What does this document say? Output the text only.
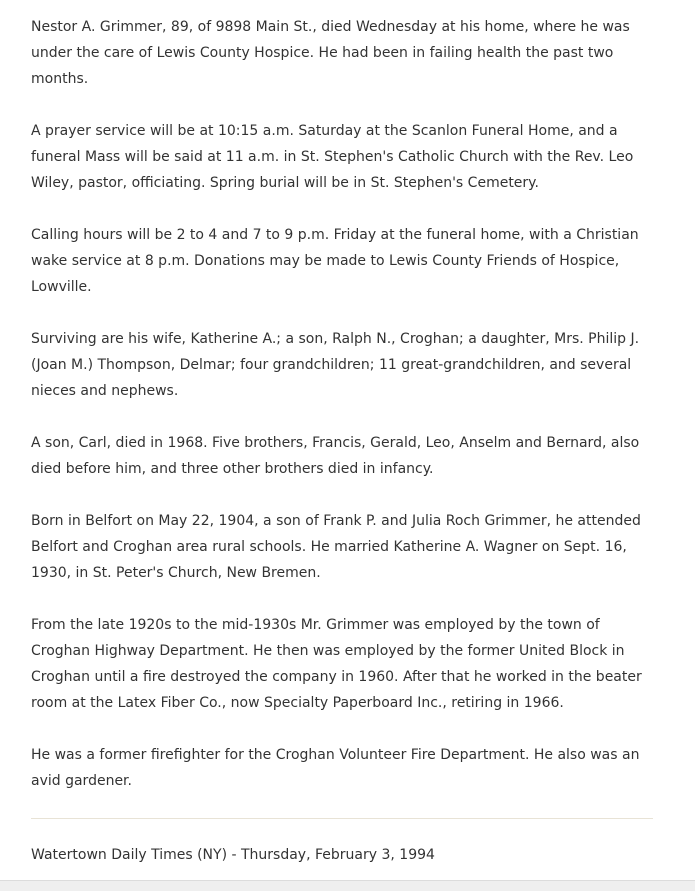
Nestor A. Grimmer, 89, of 9898 Main St., died Wednesday at his home, where he was under the care of Lewis County Hospice. He had been in failing health the past two months.

A prayer service will be at 10:15 a.m. Saturday at the Scanlon Funeral Home, and a funeral Mass will be said at 11 a.m. in St. Stephen's Catholic Church with the Rev. Leo Wiley, pastor, officiating. Spring burial will be in St. Stephen's Cemetery.

Calling hours will be 2 to 4 and 7 to 9 p.m. Friday at the funeral home, with a Christian wake service at 8 p.m. Donations may be made to Lewis County Friends of Hospice, Lowville.

Surviving are his wife, Katherine A.; a son, Ralph N., Croghan; a daughter, Mrs. Philip J. (Joan M.) Thompson, Delmar; four grandchildren; 11 great-grandchildren, and several nieces and nephews.

A son, Carl, died in 1968. Five brothers, Francis, Gerald, Leo, Anselm and Bernard, also died before him, and three other brothers died in infancy.

Born in Belfort on May 22, 1904, a son of Frank P. and Julia Roch Grimmer, he attended Belfort and Croghan area rural schools. He married Katherine A. Wagner on Sept. 16, 1930, in St. Peter's Church, New Bremen.

From the late 1920s to the mid-1930s Mr. Grimmer was employed by the town of Croghan Highway Department. He then was employed by the former United Block in Croghan until a fire destroyed the company in 1960. After that he worked in the beater room at the Latex Fiber Co., now Specialty Paperboard Inc., retiring in 1966.

He was a former firefighter for the Croghan Volunteer Fire Department. He also was an avid gardener.

Watertown Daily Times (NY) - Thursday, February 3, 1994
